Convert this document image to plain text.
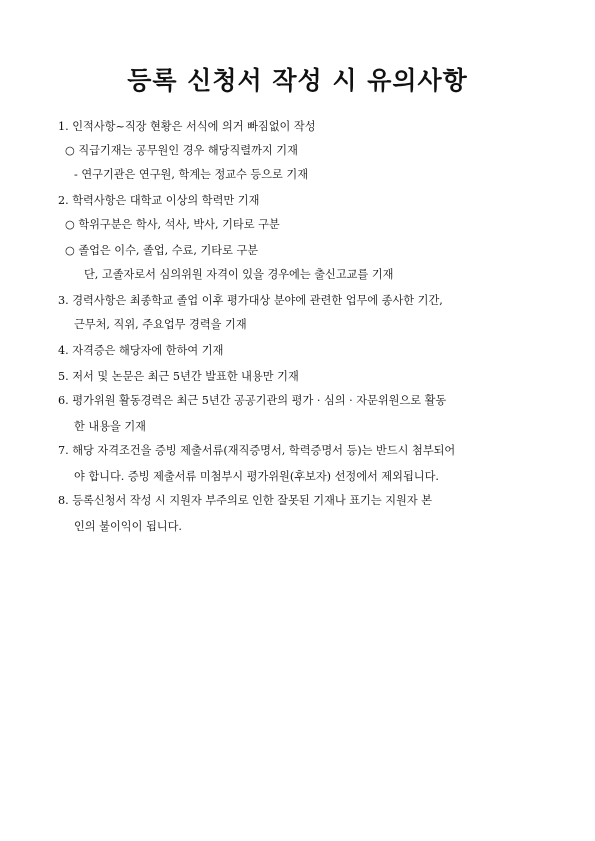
등록 신청서 작성 시 유의사항
1. 인적사항~직장 현황은 서식에 의거 빠짐없이 작성
○ 직급기재는 공무원인 경우 해당직렬까지 기재
- 연구기관은 연구원, 학계는 정교수 등으로 기재
2. 학력사항은 대학교 이상의 학력만 기재
○ 학위구분은 학사, 석사, 박사, 기타로 구분
○ 졸업은 이수, 졸업, 수료, 기타로 구분
단, 고졸자로서 심의위원 자격이 있을 경우에는 출신고교를 기재
3. 경력사항은 최종학교 졸업 이후 평가대상 분야에 관련한 업무에 종사한 기간,
근무처, 직위, 주요업무 경력을 기재
4. 자격증은 해당자에 한하여 기재
5. 저서 및 논문은 최근 5년간 발표한 내용만 기재
6. 평가위원 활동경력은 최근 5년간 공공기관의 평가 · 심의 · 자문위원으로 활동
한 내용을 기재
7. 해당 자격조건을 증빙 제출서류(재직증명서, 학력증명서 등)는 반드시 첨부되어
야 합니다. 증빙 제출서류 미첨부시 평가위원(후보자) 선정에서 제외됩니다.
8. 등록신청서 작성 시 지원자 부주의로 인한 잘못된 기재나 표기는 지원자 본
인의 불이익이 됩니다.
